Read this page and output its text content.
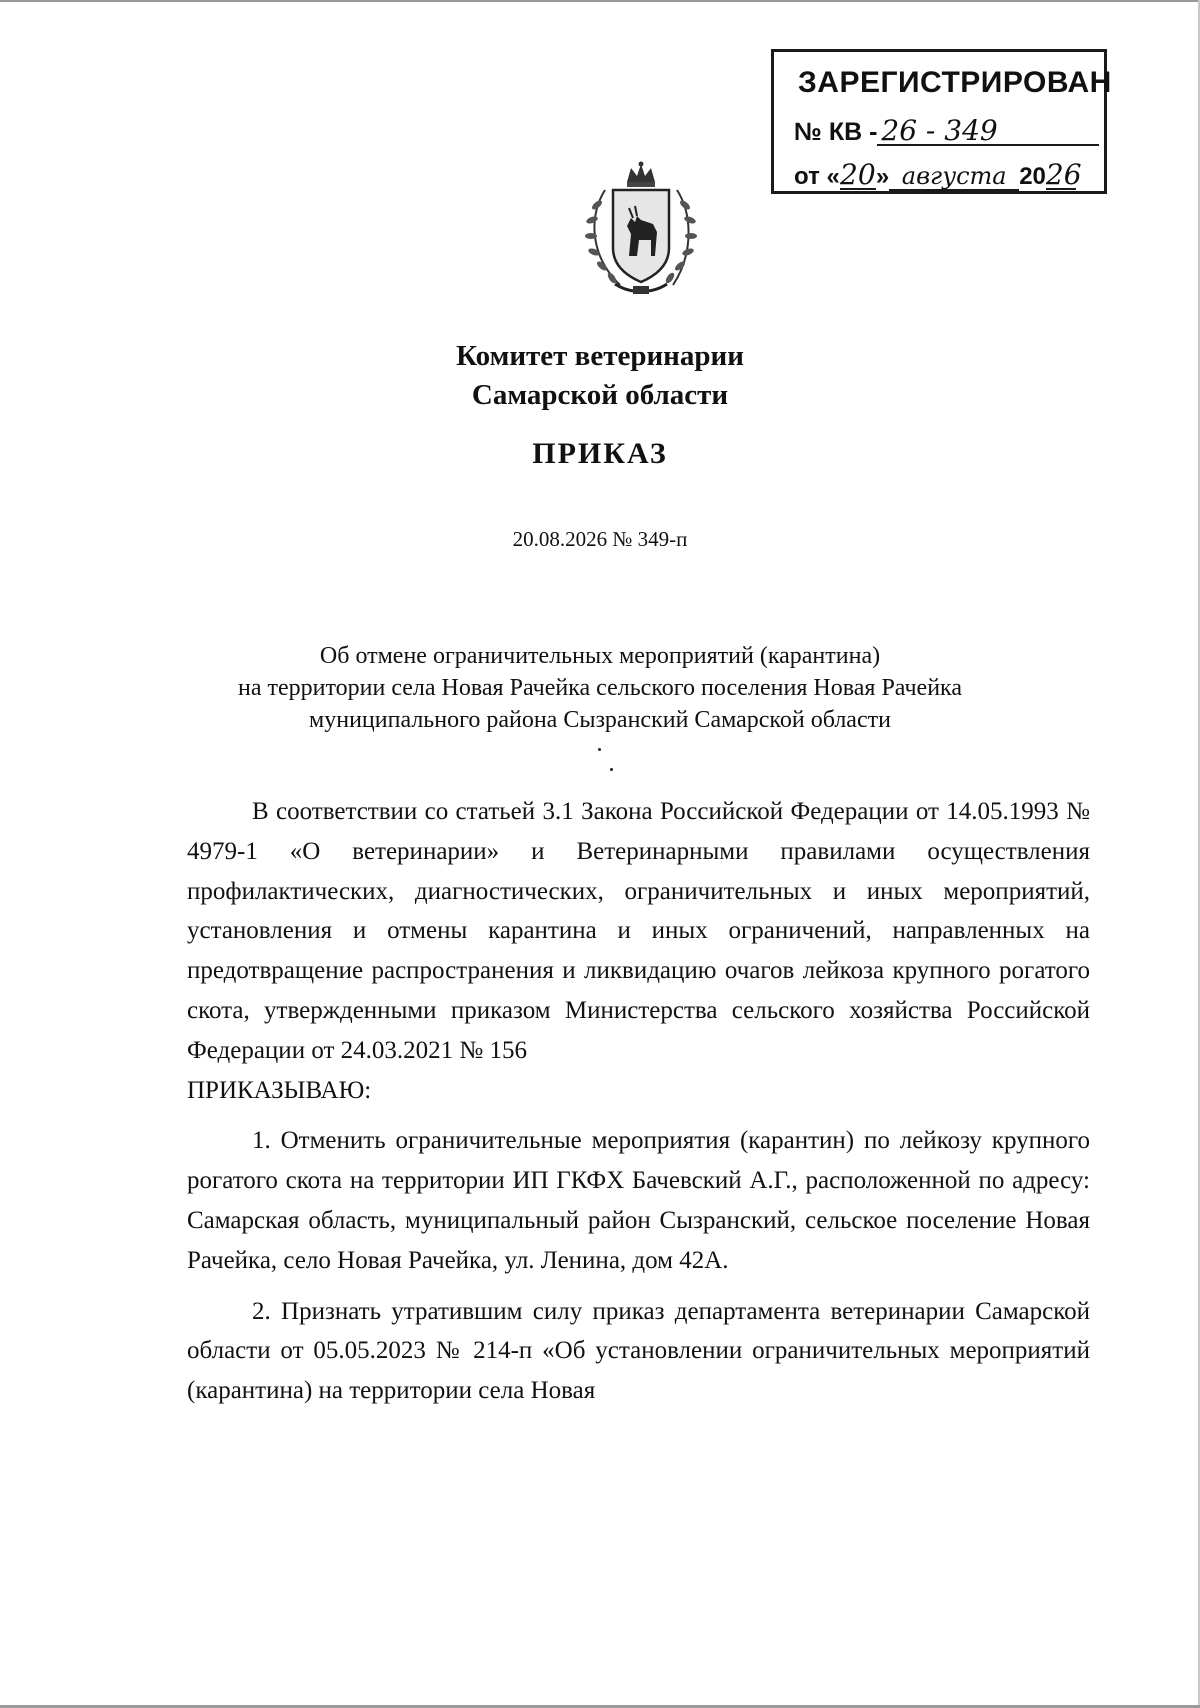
ЗАРЕГИСТРИРОВАН
№ КВ - 26 - 349
от «20» августа 2026
Комитет ветеринарии
Самарской области
ПРИКАЗ
20.08.2026 № 349-п
Об отмене ограничительных мероприятий (карантина)
на территории села Новая Рачейка сельского поселения Новая Рачейка
муниципального района Сызранский Самарской области

В соответствии со статьей 3.1 Закона Российской Федерации от 14.05.1993 № 4979-1 «О ветеринарии» и Ветеринарными правилами осуществления профилактических, диагностических, ограничительных и иных мероприятий, установления и отмены карантина и иных ограничений, направленных на предотвращение распространения и ликвидацию очагов лейкоза крупного рогатого скота, утвержденными приказом Министерства сельского хозяйства Российской Федерации от 24.03.2021 № 156

ПРИКАЗЫВАЮ:

1. Отменить ограничительные мероприятия (карантин) по лейкозу крупного рогатого скота на территории ИП ГКФХ Бачевский А.Г., расположенной по адресу: Самарская область, муниципальный район Сызранский, сельское поселение Новая Рачейка, село Новая Рачейка, ул. Ленина, дом 42А.

2. Признать утратившим силу приказ департамента ветеринарии Самарской области от 05.05.2023 № 214-п «Об установлении ограничительных мероприятий (карантина) на территории села Новая
